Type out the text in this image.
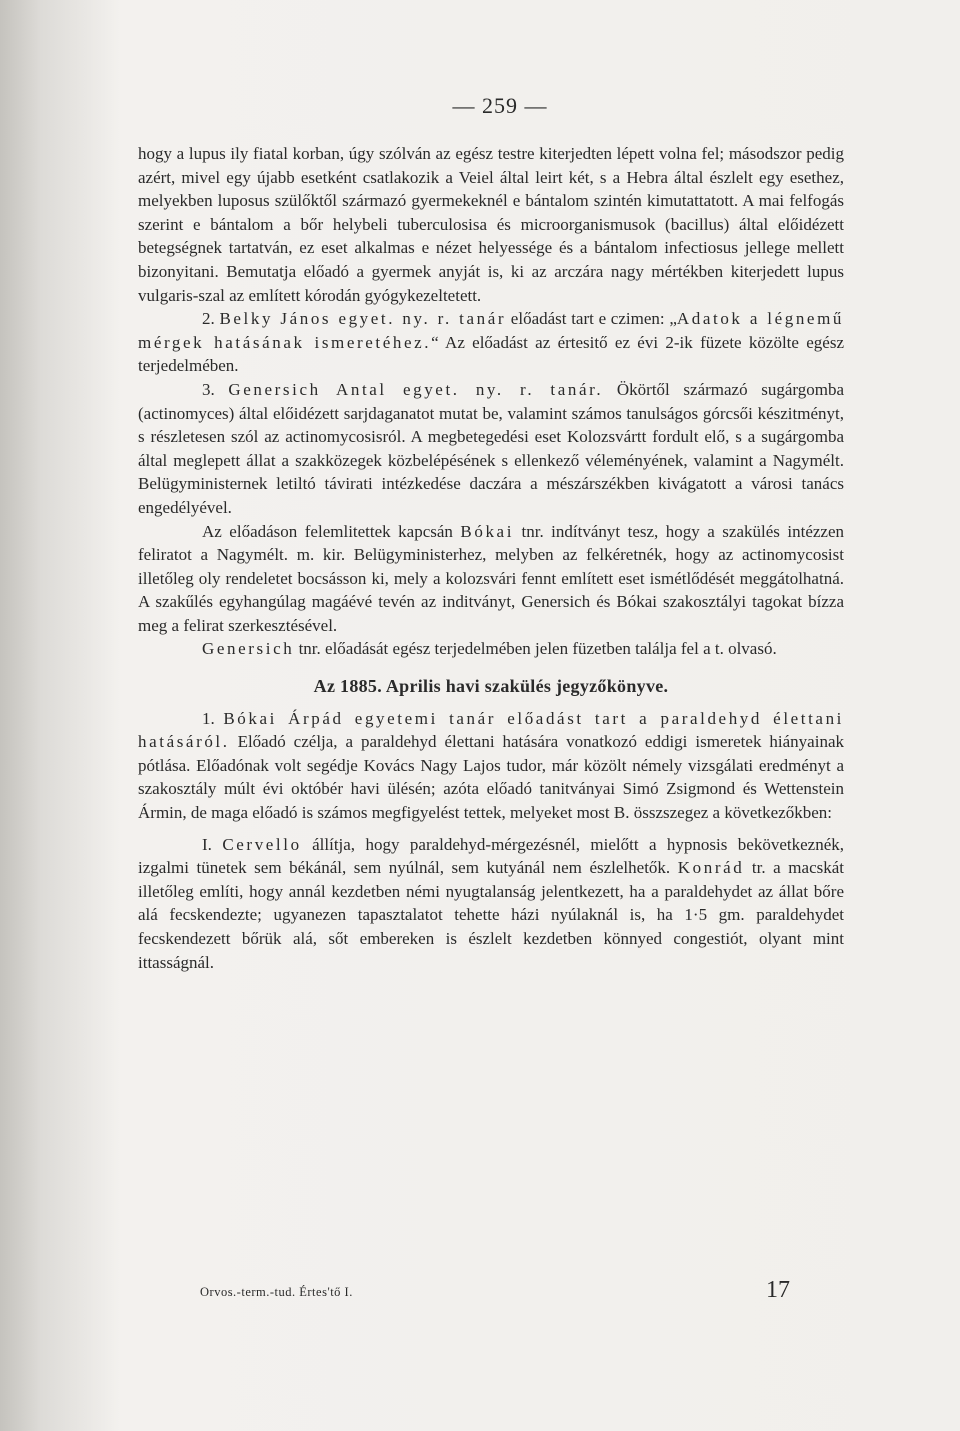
— 259 —

hogy a lupus ily fiatal korban, úgy szólván az egész testre kiterjedten lépett volna fel; másodszor pedig azért, mivel egy újabb esetként csatlakozik a Veiel által leirt két, s a Hebra által észlelt egy esethez, melyekben luposus szülőktől származó gyermekeknél e bántalom szintén kimutattatott. A mai felfogás szerint e bántalom a bőr helybeli tuberculosisa és microorganismusok (bacillus) által előidézett betegségnek tartatván, ez eset alkalmas e nézet helyessége és a bántalom infectiosus jellege mellett bizonyitani. Bemutatja előadó a gyermek anyját is, ki az arczára nagy mértékben kiterjedett lupus vulgaris-szal az említett kórodán gyógykezeltetett.

2. Belky János egyet. ny. r. tanár előadást tart e czimen: „Adatok a légnemű mérgek hatásának ismeretéhez.“ Az előadást az értesitő ez évi 2-ik füzete közölte egész terjedelmében.

3. Genersich Antal egyet. ny. r. tanár. Ökörtől származó sugárgomba (actinomyces) által előidézett sarjdaganatot mutat be, valamint számos tanulságos górcsői készitményt, s részletesen szól az actinomycosisról. A megbetegedési eset Kolozsvártt fordult elő, s a sugárgomba által meglepett állat a szakközegek közbelépésének s ellenkező véleményének, valamint a Nagymélt. Belügyministernek letiltó távirati intézkedése daczára a mészárszékben kivágatott a városi tanács engedélyével.

Az előadáson felemlitettek kapcsán Bókai tnr. indítványt tesz, hogy a szakülés intézzen feliratot a Nagymélt. m. kir. Belügyministerhez, melyben az felkéretnék, hogy az actinomycosist illetőleg oly rendeletet bocsásson ki, mely a kolozsvári fennt említett eset ismétlődését meggátolhatná. A szakűlés egyhangúlag magáévé tevén az inditványt, Genersich és Bókai szakosztályi tagokat bízza meg a felirat szerkesztésével.

Genersich tnr. előadását egész terjedelmében jelen füzetben találja fel a t. olvasó.

Az 1885. Aprilis havi szakülés jegyzőkönyve.

1. Bókai Árpád egyetemi tanár előadást tart a paraldehyd élettani hatásáról. Előadó czélja, a paraldehyd élettani hatására vonatkozó eddigi ismeretek hiányainak pótlása. Előadónak volt segédje Kovács Nagy Lajos tudor, már közölt némely vizsgálati eredményt a szakosztály múlt évi októbér havi ülésén; azóta előadó tanitványai Simó Zsigmond és Wettenstein Ármin, de maga előadó is számos megfigyelést tettek, melyeket most B. összszegez a következőkben:

I. Cervello állítja, hogy paraldehyd-mérgezésnél, mielőtt a hypnosis bekövetkeznék, izgalmi tünetek sem békánál, sem nyúlnál, sem kutyánál nem észlelhetők. Konrád tr. a macskát illetőleg említi, hogy annál kezdetben némi nyugtalanság jelentkezett, ha a paraldehydet az állat bőre alá fecskendezte; ugyanezen tapasztalatot tehette házi nyúlaknál is, ha 1·5 gm. paraldehydet fecskendezett bőrük alá, sőt embereken is észlelt kezdetben könnyed congestiót, olyant mint ittasságnál.

Orvos.-term.-tud. Értes'tő I.	17
